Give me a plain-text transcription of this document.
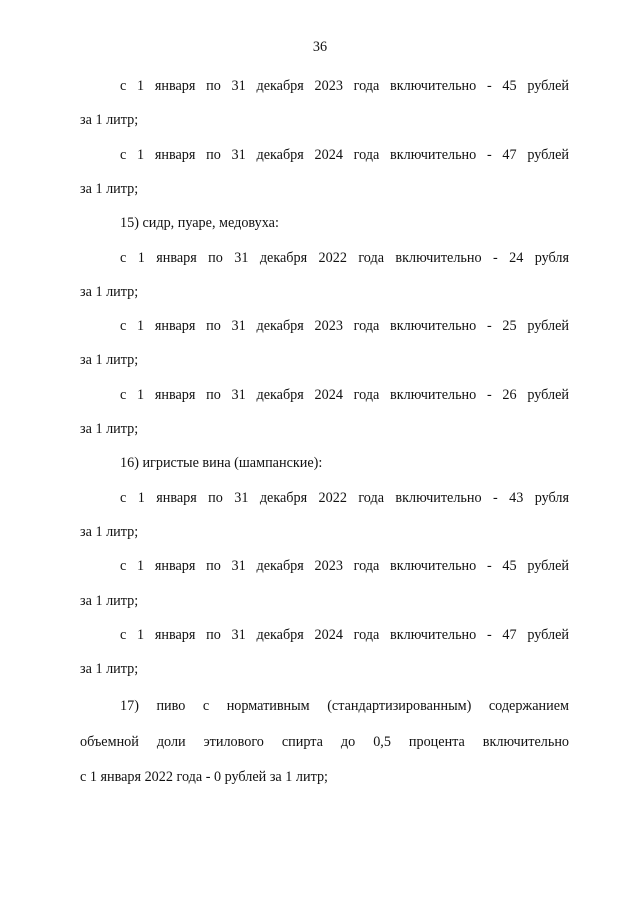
36
с 1 января по 31 декабря 2023 года включительно - 45 рублей
за 1 литр;
с 1 января по 31 декабря 2024 года включительно - 47 рублей
за 1 литр;
15) сидр, пуаре, медовуха:
с 1 января по 31 декабря 2022 года включительно - 24 рубля
за 1 литр;
с 1 января по 31 декабря 2023 года включительно - 25 рублей
за 1 литр;
с 1 января по 31 декабря 2024 года включительно - 26 рублей
за 1 литр;
16) игристые вина (шампанские):
с 1 января по 31 декабря 2022 года включительно - 43 рубля
за 1 литр;
с 1 января по 31 декабря 2023 года включительно - 45 рублей
за 1 литр;
с 1 января по 31 декабря 2024 года включительно - 47 рублей
за 1 литр;
17) пиво с нормативным (стандартизированным) содержанием
объемной доли этилового спирта до 0,5 процента включительно
с 1 января 2022 года - 0 рублей за 1 литр;
